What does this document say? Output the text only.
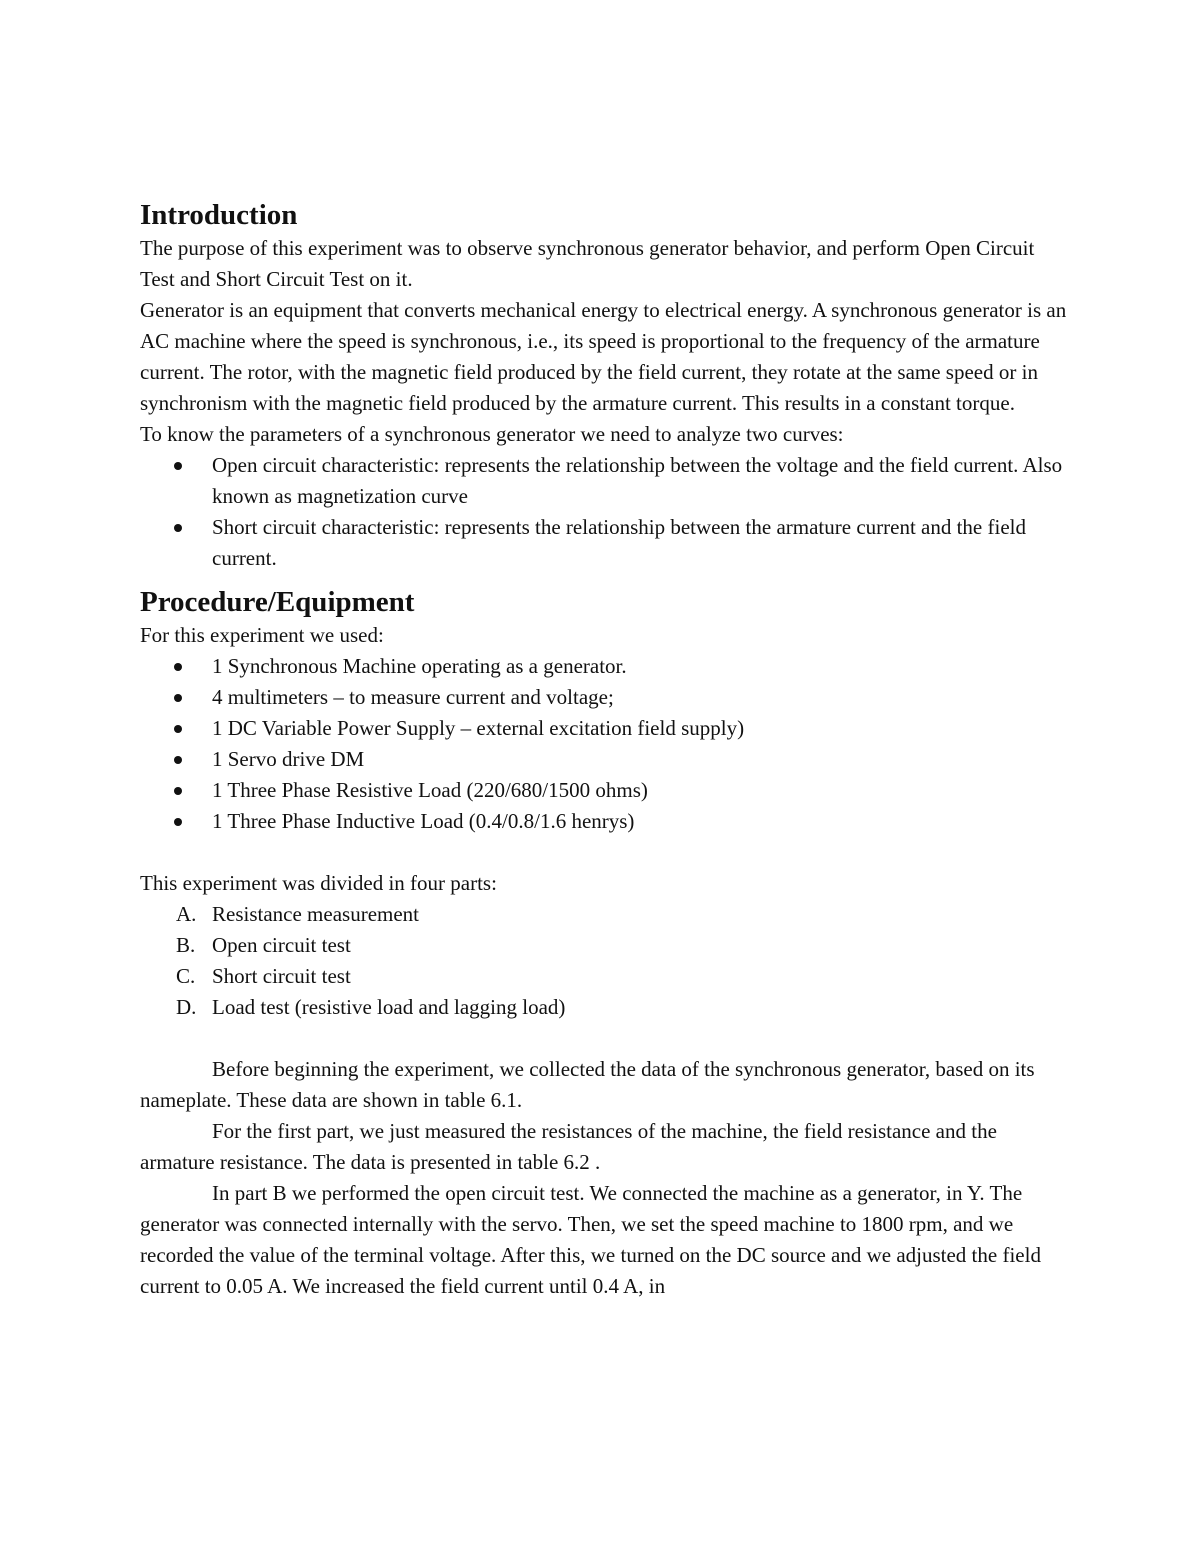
Introduction

The purpose of this experiment was to observe synchronous generator behavior, and perform Open Circuit Test and Short Circuit Test on it.

Generator is an equipment that converts mechanical energy to electrical energy. A synchronous generator is an AC machine where the speed is synchronous, i.e., its speed is proportional to the frequency of the armature current. The rotor, with the magnetic field produced by the field current, they rotate at the same speed or in synchronism with the magnetic field produced by the armature current. This results in a constant torque.

To know the parameters of a synchronous generator we need to analyze two curves:

Open circuit characteristic: represents the relationship between the voltage and the field current. Also known as magnetization curve
Short circuit characteristic: represents the relationship between the armature current and the field current.
Procedure/Equipment

For this experiment we used:

1 Synchronous Machine operating as a generator.
4 multimeters – to measure current and voltage;
1 DC Variable Power Supply – external excitation field supply)
1 Servo drive DM
1 Three Phase Resistive Load (220/680/1500 ohms)
1 Three Phase Inductive Load (0.4/0.8/1.6 henrys)

This experiment was divided in four parts:

A. Resistance measurement
B. Open circuit test
C. Short circuit test
D. Load test (resistive load and lagging load)

Before beginning the experiment, we collected the data of the synchronous generator, based on its nameplate. These data are shown in table 6.1.

For the first part, we just measured the resistances of the machine, the field resistance and the armature resistance. The data is presented in table 6.2 .

In part B we performed the open circuit test. We connected the machine as a generator, in Y. The generator was connected internally with the servo. Then, we set the speed machine to 1800 rpm, and we recorded the value of the terminal voltage. After this, we turned on the DC source and we adjusted the field current to 0.05 A. We increased the field current until 0.4 A, in
